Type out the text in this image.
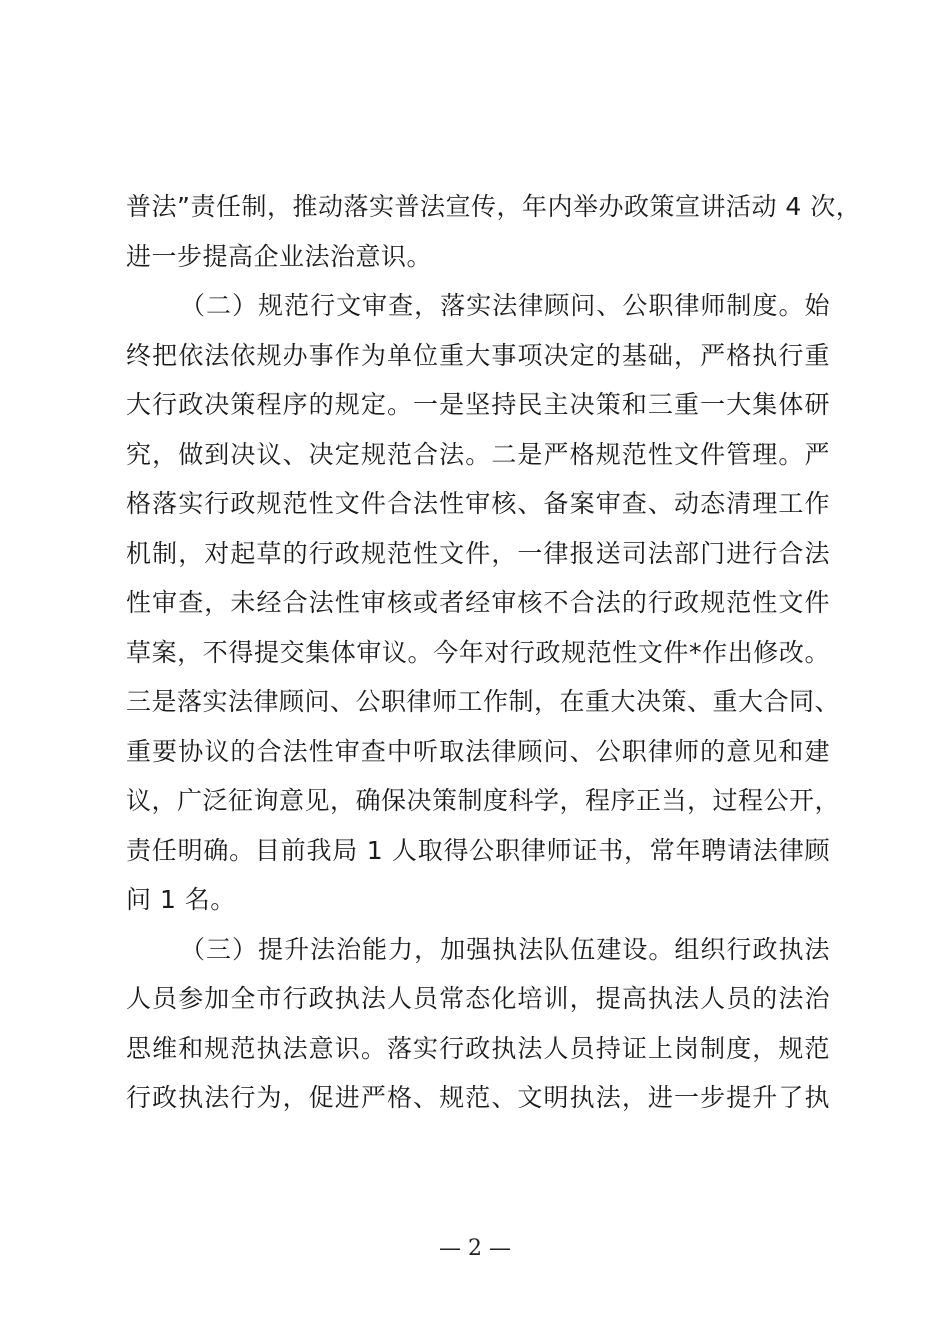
普法”责任制，推动落实普法宣传，年内举办政策宣讲活动 4 次，
进一步提高企业法治意识。
（二）规范行文审查，落实法律顾问、公职律师制度。始
终把依法依规办事作为单位重大事项决定的基础，严格执行重
大行政决策程序的规定。一是坚持民主决策和三重一大集体研
究，做到决议、决定规范合法。二是严格规范性文件管理。严
格落实行政规范性文件合法性审核、备案审查、动态清理工作
机制，对起草的行政规范性文件，一律报送司法部门进行合法
性审查，未经合法性审核或者经审核不合法的行政规范性文件
草案，不得提交集体审议。今年对行政规范性文件*作出修改。
三是落实法律顾问、公职律师工作制，在重大决策、重大合同、
重要协议的合法性审查中听取法律顾问、公职律师的意见和建
议，广泛征询意见，确保决策制度科学，程序正当，过程公开，
责任明确。目前我局 1 人取得公职律师证书，常年聘请法律顾
问 1 名。
（三）提升法治能力，加强执法队伍建设。组织行政执法
人员参加全市行政执法人员常态化培训，提高执法人员的法治
思维和规范执法意识。落实行政执法人员持证上岗制度，规范
行政执法行为，促进严格、规范、文明执法，进一步提升了执
— 2 —
